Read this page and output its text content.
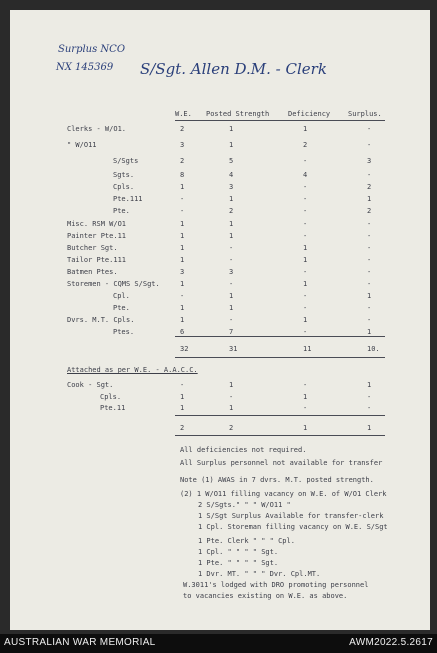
Surplus NCO
NX 145369 S/Sgt. Allen D.M. - Clerk
W.E. Posted Strength	Deficiency	Surplus.
Clerks - W/O1.	2	1	1	-
" W/O11	3	1	2	-
S/Sgts	2	5	-	3
Sgts.	8	4	4	-
Cpls.	1	3	-	2
Pte.111	-	1	-	1
Pte.	-	2	-	2
Misc. RSM W/O1	1	1	-	-
Painter Pte.11	1	1	-	-
Butcher Sgt.	1	-	1	-
Tailor Pte.111	1	-	1	-
Batmen Ptes.	3	3	-	-
Storemen - CQMS S/Sgt.	1	-	1	-
Cpl.	-	1	-	1
Pte.	1	1	-	-
Dvrs. M.T. Cpls.	1	-	1	-
Ptes.	6	7	-	1
32	31	11	10.
Attached as per W.E. - A.A.C.C.
Cook - Sgt.	-	1	-	1
Cpls.	1	-	1	-
Pte.11	1	1	-	-
2	2	1	1
All deficiencies not required.
All Surplus personnel not available for transfer
Note (1) AWAS in 7 dvrs. M.T. posted strength.
(2) 1 W/O11 filling vacancy on W.E. of W/O1 Clerk
2 S/Sgts." " " W/O11 "
1 S/Sgt Surplus Available for transfer-clerk
1 Cpl. Storeman filling vacancy on W.E. S/Sgt
1 Pte. Clerk " " " Cpl.
1 Cpl. " " " " Sgt.
1 Pte. " " " " Sgt.
1 Dvr. MT. " " " Dvr. Cpl.MT.
W.3011's lodged with DRO promoting personnel
to vacancies existing on W.E. as above.
AUSTRALIAN WAR MEMORIAL	AWM2022.5.2617
